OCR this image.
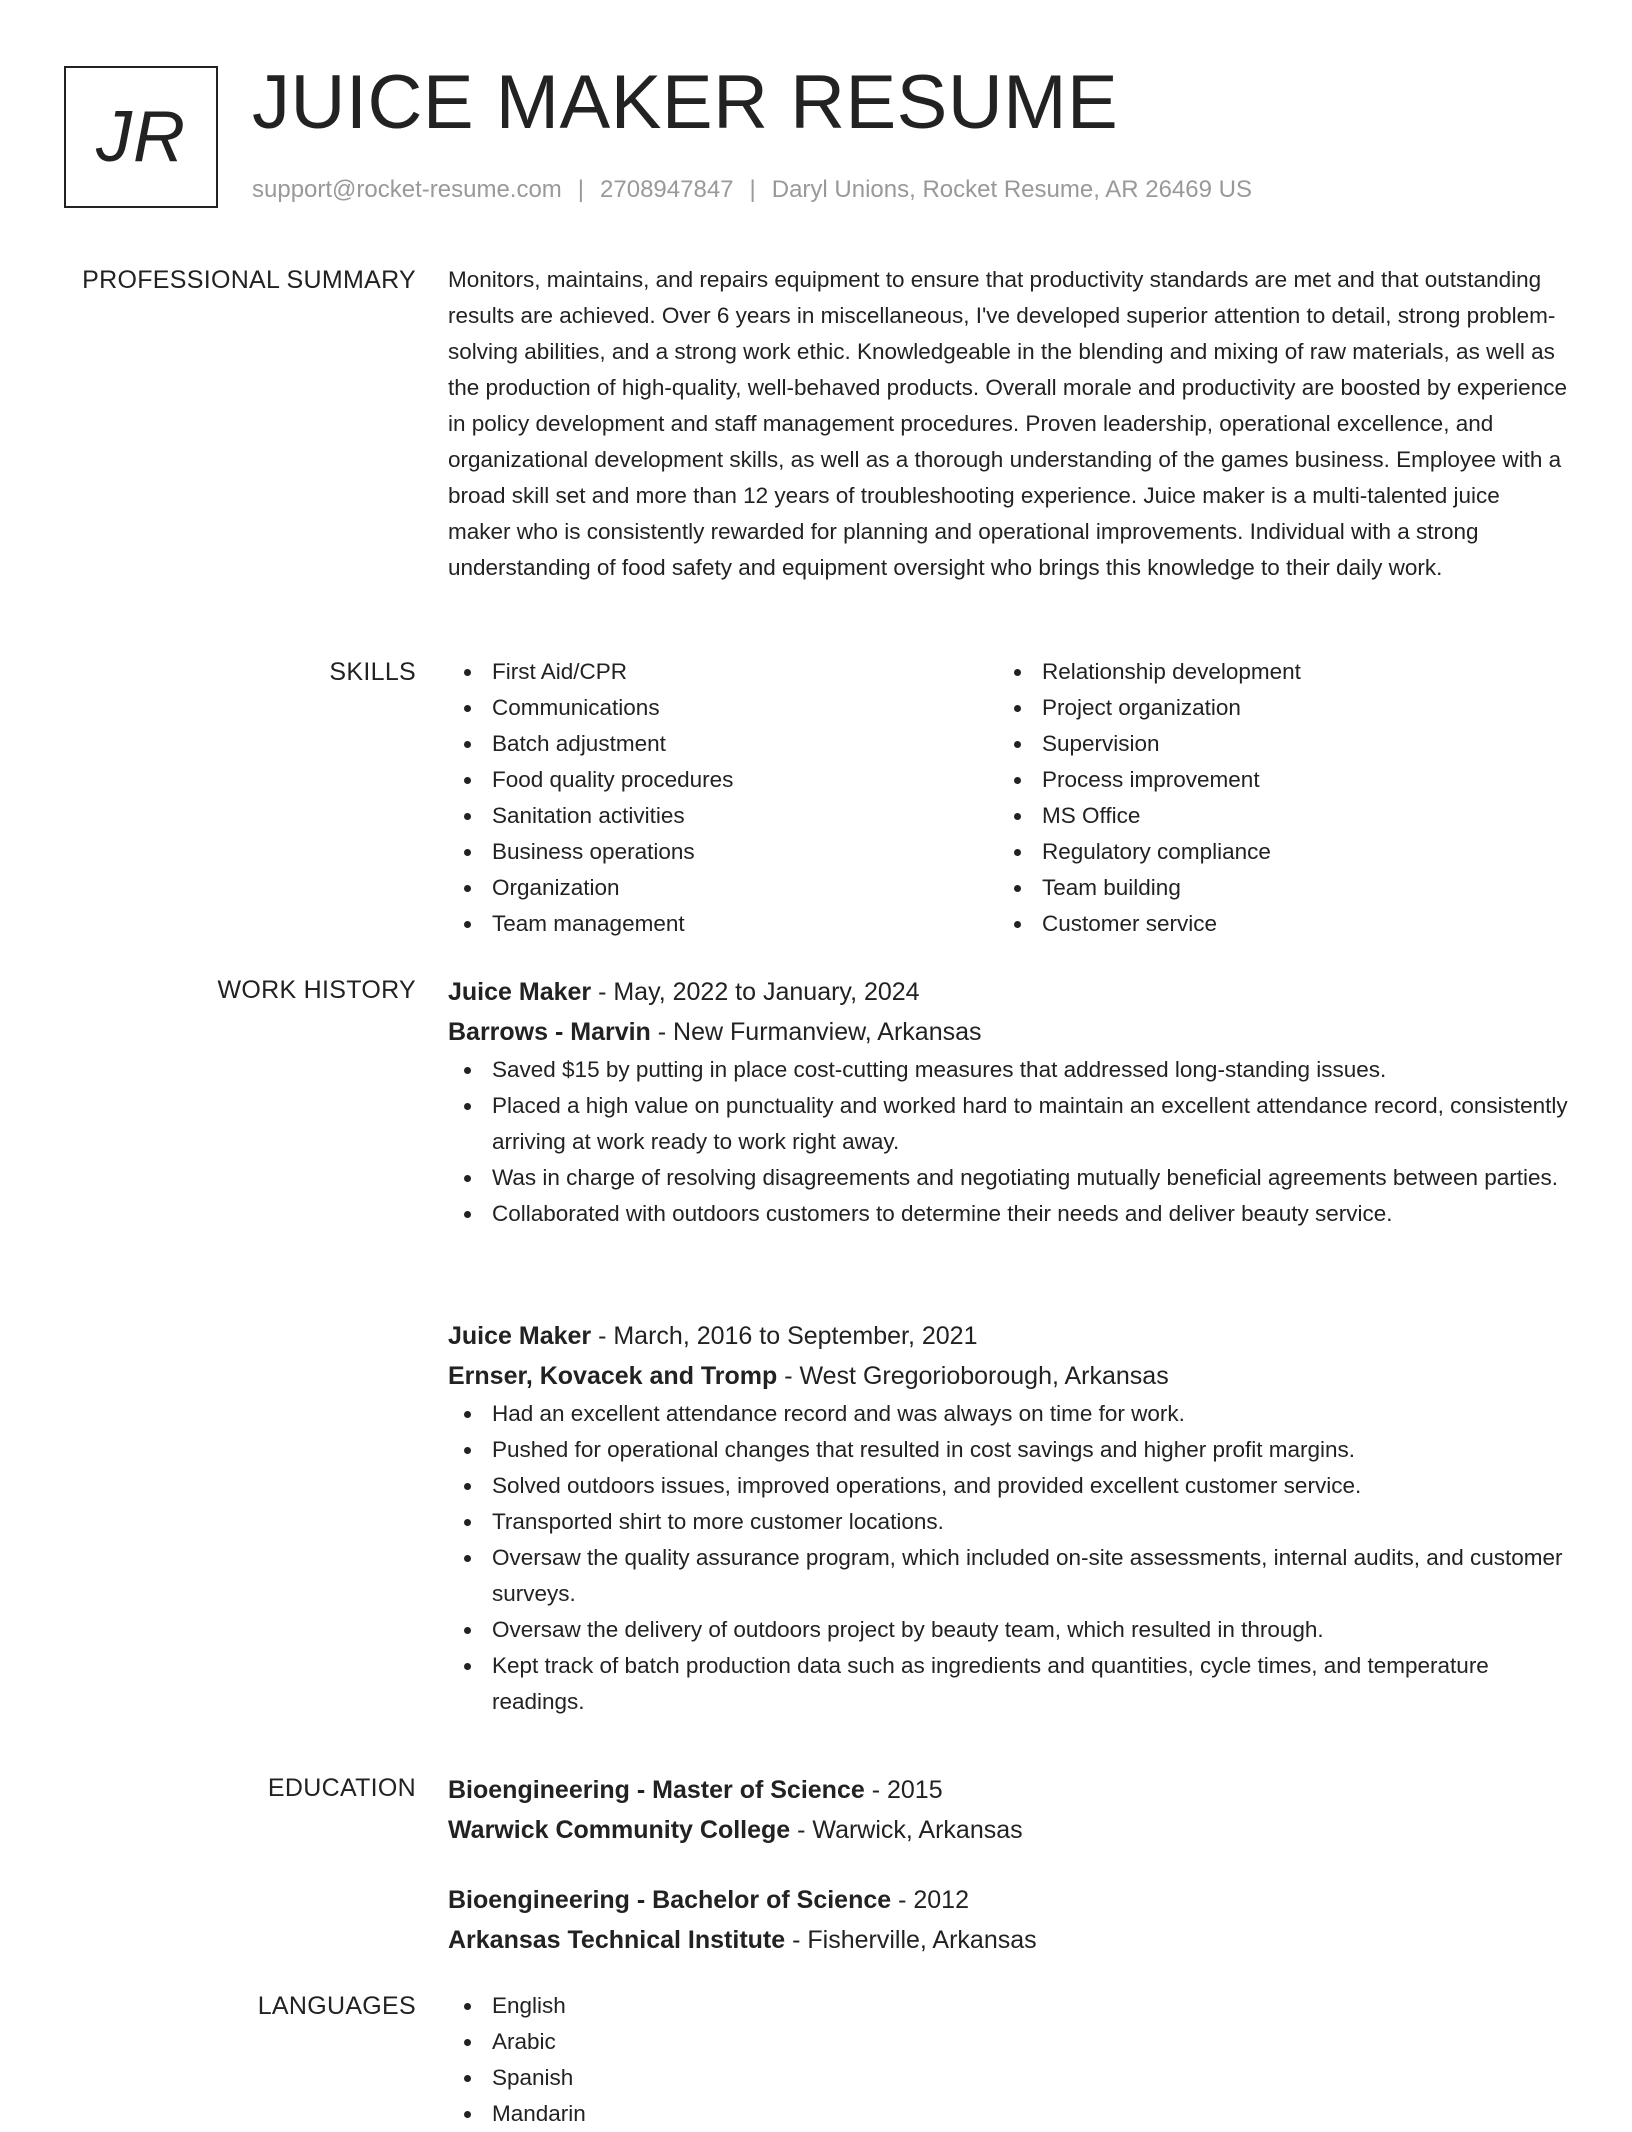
JR JUICE MAKER RESUME
support@rocket-resume.com | 2708947847 | Daryl Unions, Rocket Resume, AR 26469 US
PROFESSIONAL SUMMARY Monitors, maintains, and repairs equipment to ensure that productivity standards are met and that outstanding results are achieved. Over 6 years in miscellaneous, I've developed superior attention to detail, strong problem-solving abilities, and a strong work ethic. Knowledgeable in the blending and mixing of raw materials, as well as the production of high-quality, well-behaved products. Overall morale and productivity are boosted by experience in policy development and staff management procedures. Proven leadership, operational excellence, and organizational development skills, as well as a thorough understanding of the games business. Employee with a broad skill set and more than 12 years of troubleshooting experience. Juice maker is a multi-talented juice maker who is consistently rewarded for planning and operational improvements. Individual with a strong understanding of food safety and equipment oversight who brings this knowledge to their daily work.

SKILLS	First Aid/CPR
Communications
Batch adjustment
Food quality procedures
Sanitation activities
Business operations
Organization
Team management
Relationship development
Project organization
Supervision
Process improvement
MS Office
Regulatory compliance
Team building
Customer service
WORK HISTORY Juice Maker - May, 2022 to January, 2024
Barrows - Marvin - New Furmanview, Arkansas
Saved $15 by putting in place cost-cutting measures that addressed long-standing issues.
Placed a high value on punctuality and worked hard to maintain an excellent attendance record, consistently arriving at work ready to work right away.
Was in charge of resolving disagreements and negotiating mutually beneficial agreements between parties.
Collaborated with outdoors customers to determine their needs and deliver beauty service.
Juice Maker - March, 2016 to September, 2021
Ernser, Kovacek and Tromp - West Gregorioborough, Arkansas
Had an excellent attendance record and was always on time for work.
Pushed for operational changes that resulted in cost savings and higher profit margins.
Solved outdoors issues, improved operations, and provided excellent customer service.
Transported shirt to more customer locations.
Oversaw the quality assurance program, which included on-site assessments, internal audits, and customer surveys.
Oversaw the delivery of outdoors project by beauty team, which resulted in through.
Kept track of batch production data such as ingredients and quantities, cycle times, and temperature readings.
EDUCATION Bioengineering - Master of Science - 2015
Warwick Community College - Warwick, Arkansas
Bioengineering - Bachelor of Science - 2012
Arkansas Technical Institute - Fisherville, Arkansas
LANGUAGES	English
Arabic
Spanish
Mandarin
